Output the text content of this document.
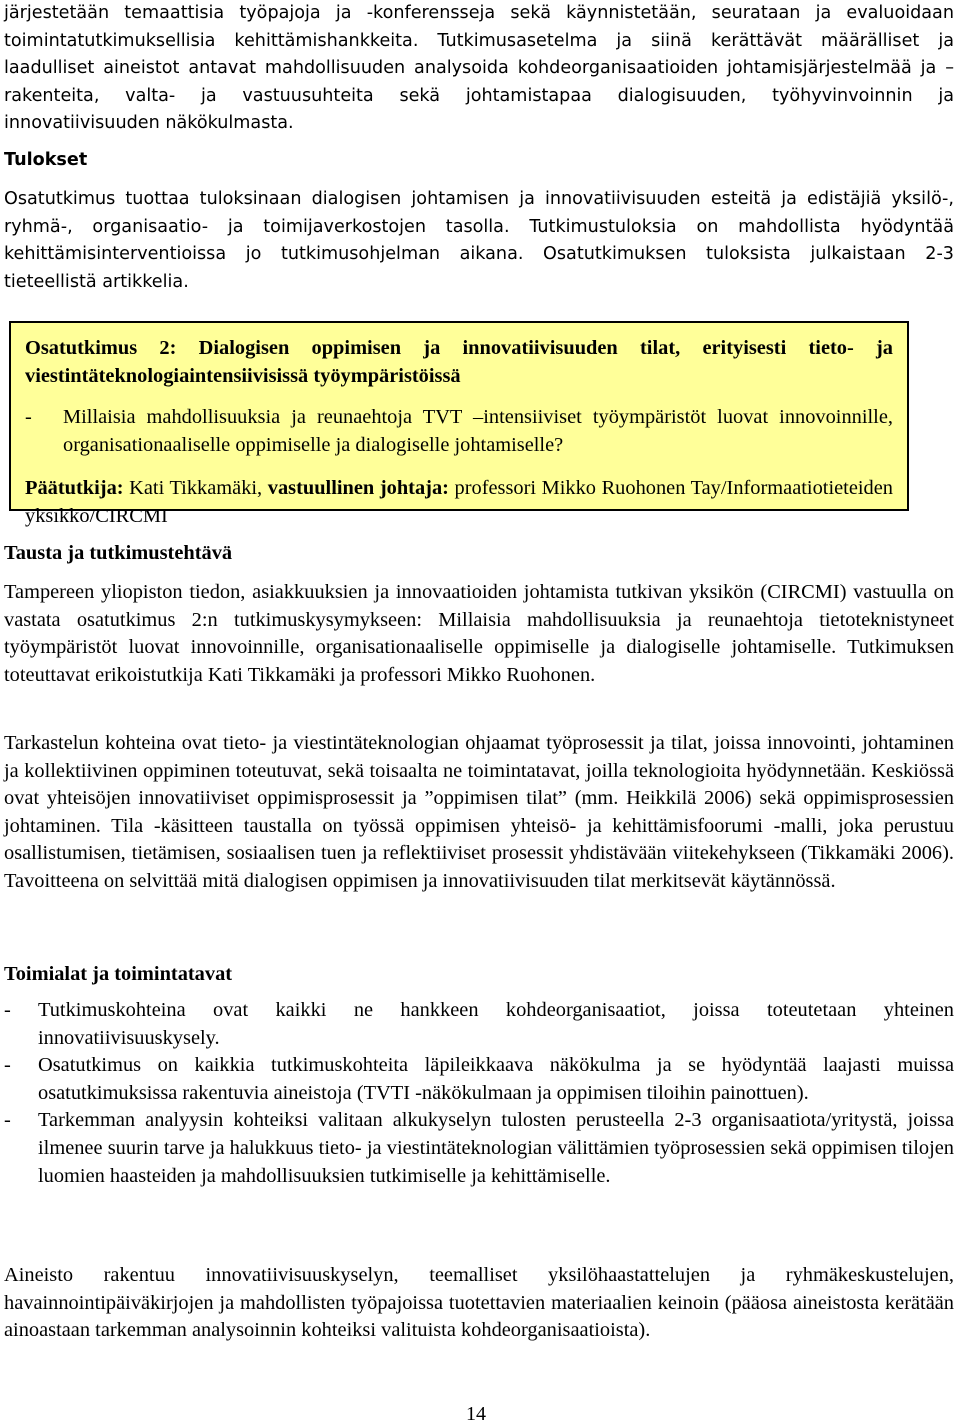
järjestetään temaattisia työpajoja ja -konferensseja sekä käynnistetään, seurataan ja evaluoidaan toimintatutkimuksellisia kehittämishankkeita. Tutkimusasetelma ja siinä kerättävät määrälliset ja laadulliset aineistot antavat mahdollisuuden analysoida kohdeorganisaatioiden johtamisjärjestelmää ja –rakenteita, valta- ja vastuusuhteita sekä johtamistapaa dialogisuuden, työhyvinvoinnin ja innovatiivisuuden näkökulmasta.

Tulokset

Osatutkimus tuottaa tuloksinaan dialogisen johtamisen ja innovatiivisuuden esteitä ja edistäjiä yksilö-, ryhmä-, organisaatio- ja toimijaverkostojen tasolla. Tutkimustuloksia on mahdollista hyödyntää kehittämisinterventioissa jo tutkimusohjelman aikana. Osatutkimuksen tuloksista julkaistaan 2-3 tieteellistä artikkelia.

Osatutkimus 2: Dialogisen oppimisen ja innovatiivisuuden tilat, erityisesti tieto- ja viestintäteknologiaintensiivisissä työympäristöissä

-	Millaisia mahdollisuuksia ja reunaehtoja TVT –intensiiviset työympäristöt luovat innovoinnille, organisationaaliselle oppimiselle ja dialogiselle johtamiselle?

Päätutkija: Kati Tikkamäki, vastuullinen johtaja: professori Mikko Ruohonen Tay/Informaatiotieteiden yksikkö/CIRCMI

Tausta ja tutkimustehtävä

Tampereen yliopiston tiedon, asiakkuuksien ja innovaatioiden johtamista tutkivan yksikön (CIRCMI) vastuulla on vastata osatutkimus 2:n tutkimuskysymykseen: Millaisia mahdollisuuksia ja reunaehtoja tietoteknistyneet työympäristöt luovat innovoinnille, organisationaaliselle oppimiselle ja dialogiselle johtamiselle. Tutkimuksen toteuttavat erikoistutkija Kati Tikkamäki ja professori Mikko Ruohonen.

Tarkastelun kohteina ovat tieto- ja viestintäteknologian ohjaamat työprosessit ja tilat, joissa innovointi, johtaminen ja kollektiivinen oppiminen toteutuvat, sekä toisaalta ne toimintatavat, joilla teknologioita hyödynnetään. Keskiössä ovat yhteisöjen innovatiiviset oppimisprosessit ja ”oppimisen tilat” (mm. Heikkilä 2006) sekä oppimisprosessien johtaminen. Tila -käsitteen taustalla on työssä oppimisen yhteisö- ja kehittämisfoorumi -malli, joka perustuu osallistumisen, tietämisen, sosiaalisen tuen ja reflektiiviset prosessit yhdistävään viitekehykseen (Tikkamäki 2006). Tavoitteena on selvittää mitä dialogisen oppimisen ja innovatiivisuuden tilat merkitsevät käytännössä.

Toimialat ja toimintatavat
-	Tutkimuskohteina ovat kaikki ne hankkeen kohdeorganisaatiot, joissa toteutetaan yhteinen innovatiivisuuskysely.
-	Osatutkimus on kaikkia tutkimuskohteita läpileikkaava näkökulma ja se hyödyntää laajasti muissa osatutkimuksissa rakentuvia aineistoja (TVTI -näkökulmaan ja oppimisen tiloihin painottuen).
-	Tarkemman analyysin kohteiksi valitaan alkukyselyn tulosten perusteella 2-3 organisaatiota/yritystä, joissa ilmenee suurin tarve ja halukkuus tieto- ja viestintäteknologian välittämien työprosessien sekä oppimisen tilojen luomien haasteiden ja mahdollisuuksien tutkimiselle ja kehittämiselle.

Aineisto rakentuu innovatiivisuuskyselyn, teemalliset yksilöhaastattelujen ja ryhmäkeskustelujen, havainnointipäiväkirjojen ja mahdollisten työpajoissa tuotettavien materiaalien keinoin (pääosa aineistosta kerätään ainoastaan tarkemman analysoinnin kohteiksi valituista kohdeorganisaatioista).

14
